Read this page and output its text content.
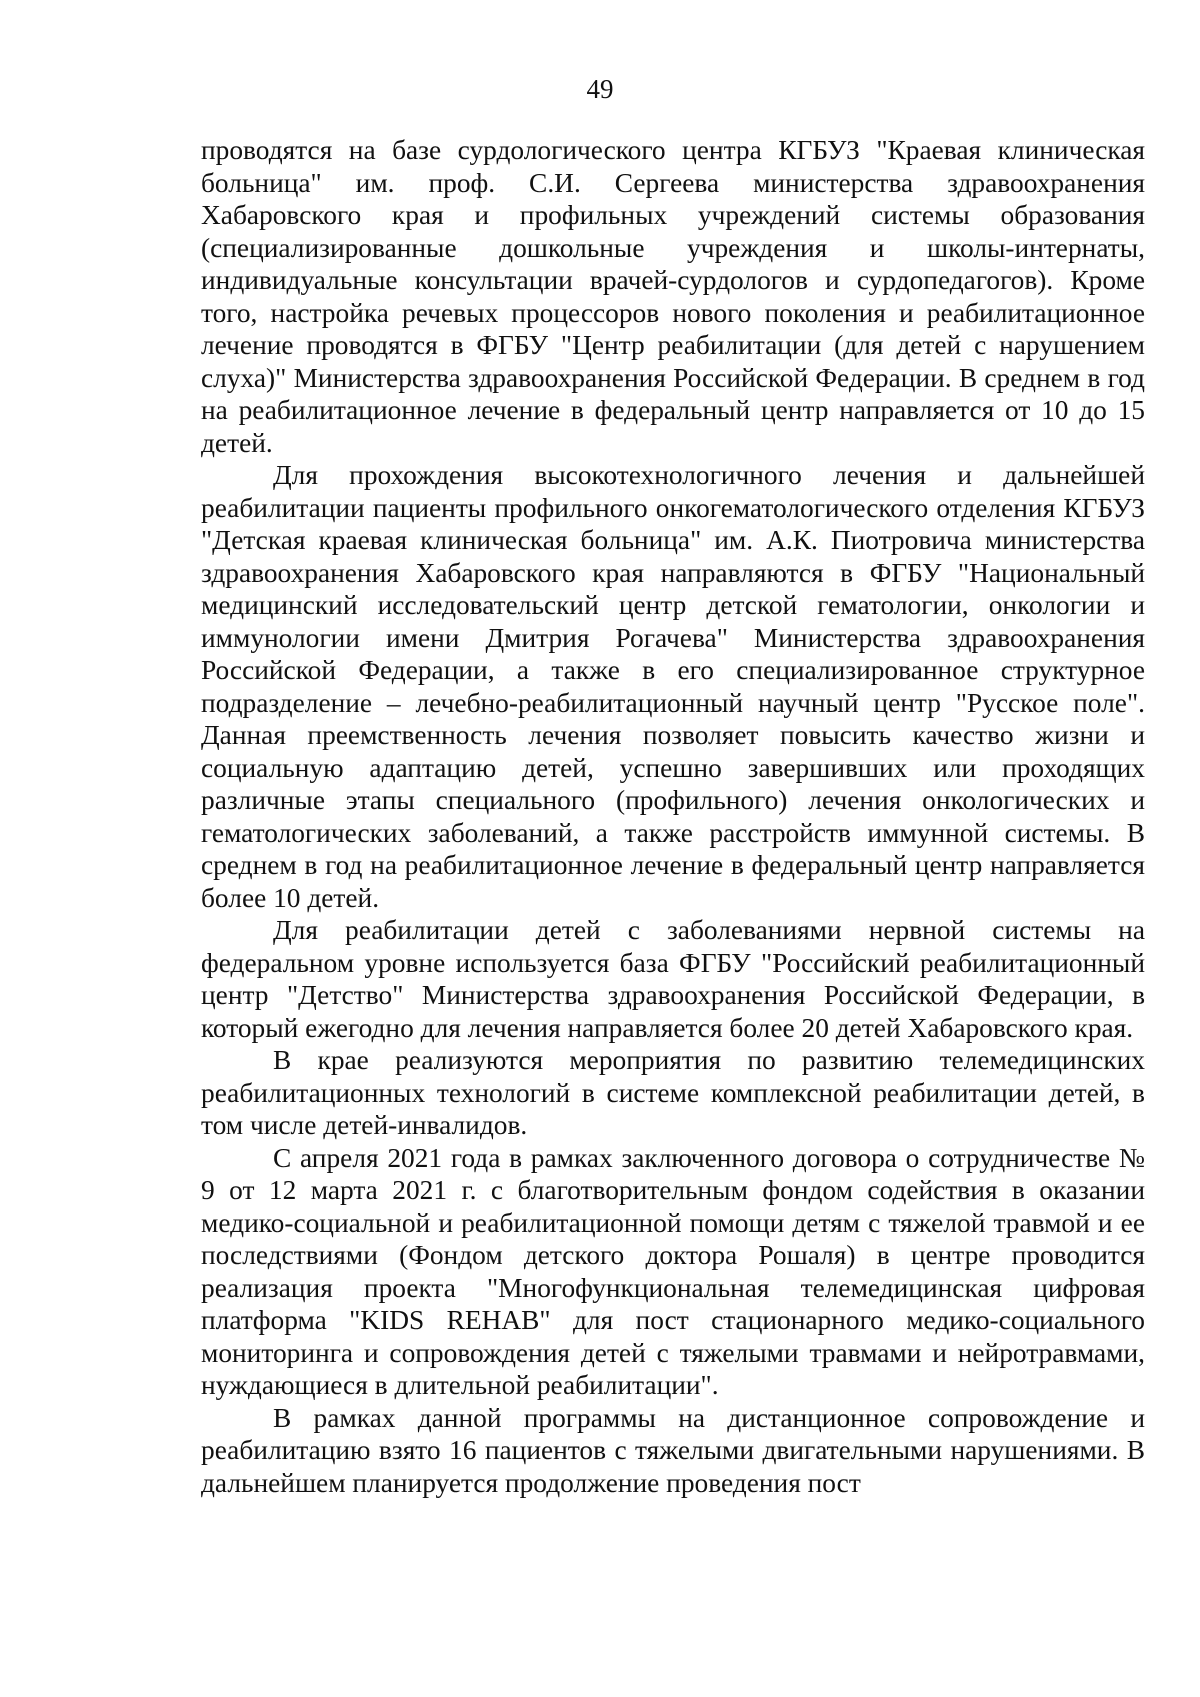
49

проводятся на базе сурдологического центра КГБУЗ "Краевая клиническая больница" им. проф. С.И. Сергеева министерства здравоохранения Хабаровского края и профильных учреждений системы образования (специализированные дошкольные учреждения и школы-интернаты, индивидуальные консультации врачей-сурдологов и сурдопедагогов). Кроме того, настройка речевых процессоров нового поколения и реабилитационное лечение проводятся в ФГБУ "Центр реабилитации (для детей с нарушением слуха)" Министерства здравоохранения Российской Федерации. В среднем в год на реабилитационное лечение в федеральный центр направляется от 10 до 15 детей.

Для прохождения высокотехнологичного лечения и дальнейшей реабилитации пациенты профильного онкогематологического отделения КГБУЗ "Детская краевая клиническая больница" им. А.К. Пиотровича министерства здравоохранения Хабаровского края направляются в ФГБУ "Национальный медицинский исследовательский центр детской гематологии, онкологии и иммунологии имени Дмитрия Рогачева" Министерства здравоохранения Российской Федерации, а также в его специализированное структурное подразделение – лечебно-реабилитационный научный центр "Русское поле". Данная преемственность лечения позволяет повысить качество жизни и социальную адаптацию детей, успешно завершивших или проходящих различные этапы специального (профильного) лечения онкологических и гематологических заболеваний, а также расстройств иммунной системы. В среднем в год на реабилитационное лечение в федеральный центр направляется более 10 детей.

Для реабилитации детей с заболеваниями нервной системы на федеральном уровне используется база ФГБУ "Российский реабилитационный центр "Детство" Министерства здравоохранения Российской Федерации, в который ежегодно для лечения направляется более 20 детей Хабаровского края.

В крае реализуются мероприятия по развитию телемедицинских реабилитационных технологий в системе комплексной реабилитации детей, в том числе детей-инвалидов.

С апреля 2021 года в рамках заключенного договора о сотрудничестве № 9 от 12 марта 2021 г. с благотворительным фондом содействия в оказании медико-социальной и реабилитационной помощи детям с тяжелой травмой и ее последствиями (Фондом детского доктора Рошаля) в центре проводится реализация проекта "Многофункциональная телемедицинская цифровая платформа "KIDS REHAB" для пост стационарного медико-социального мониторинга и сопровождения детей с тяжелыми травмами и нейротравмами, нуждающиеся в длительной реабилитации".

В рамках данной программы на дистанционное сопровождение и реабилитацию взято 16 пациентов с тяжелыми двигательными нарушениями. В дальнейшем планируется продолжение проведения пост
